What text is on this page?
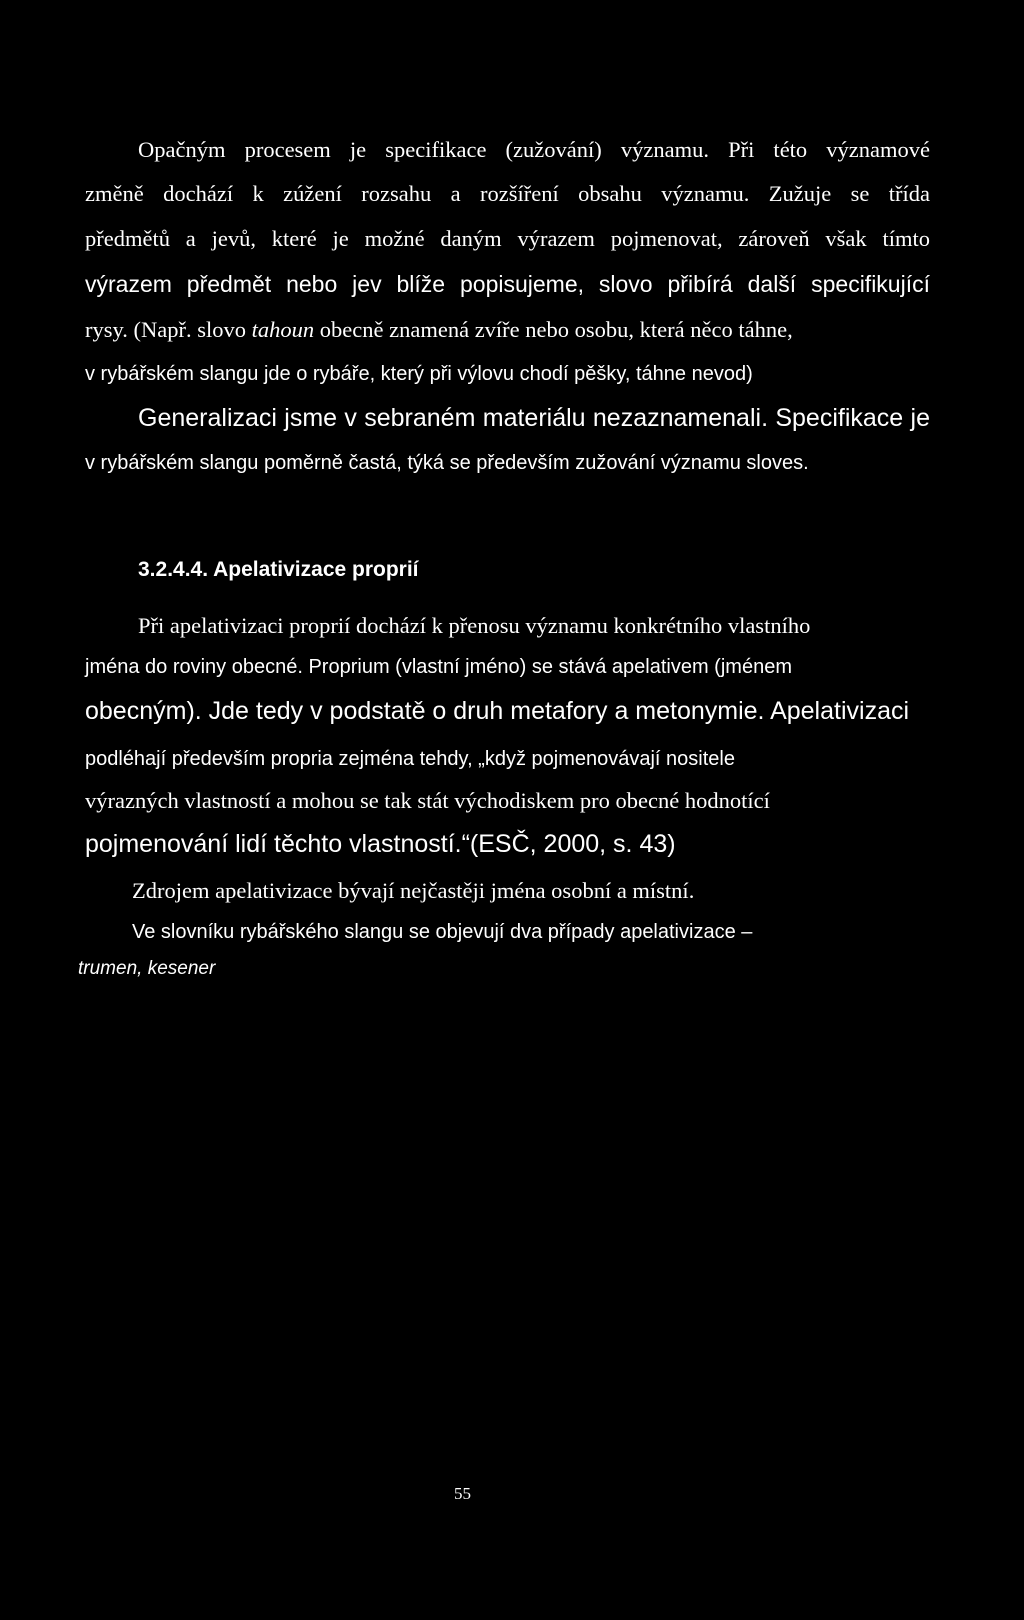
Opačným procesem je specifikace (zužování) významu. Při této významové
změně dochází k zúžení rozsahu a rozšíření obsahu významu. Zužuje se třída
předmětů a jevů, které je možné daným výrazem pojmenovat, zároveň však tímto
výrazem předmět nebo jev blíže popisujeme, slovo přibírá další specifikující
rysy. (Např. slovo tahoun obecně znamená zvíře nebo osobu, která něco táhne,
v rybářském slangu jde o rybáře, který při výlovu chodí pěšky, táhne nevod)
Generalizaci jsme v sebraném materiálu nezaznamenali. Specifikace je
v rybářském slangu poměrně častá, týká se především zužování významu sloves.
3.2.4.4. Apelativizace proprií
Při apelativizaci proprií dochází k přenosu významu konkrétního vlastního
jména do roviny obecné. Proprium (vlastní jméno) se stává apelativem (jménem
obecným). Jde tedy v podstatě o druh metafory a metonymie. Apelativizaci
podléhají především propria zejména tehdy, „když pojmenovávají nositele
výrazných vlastností a mohou se tak stát východiskem pro obecné hodnotící
pojmenování lidí těchto vlastností.“(ESČ, 2000, s. 43)
Zdrojem apelativizace bývají nejčastěji jména osobní a místní.
Ve slovníku rybářského slangu se objevují dva případy apelativizace –
trumen, kesener
55
